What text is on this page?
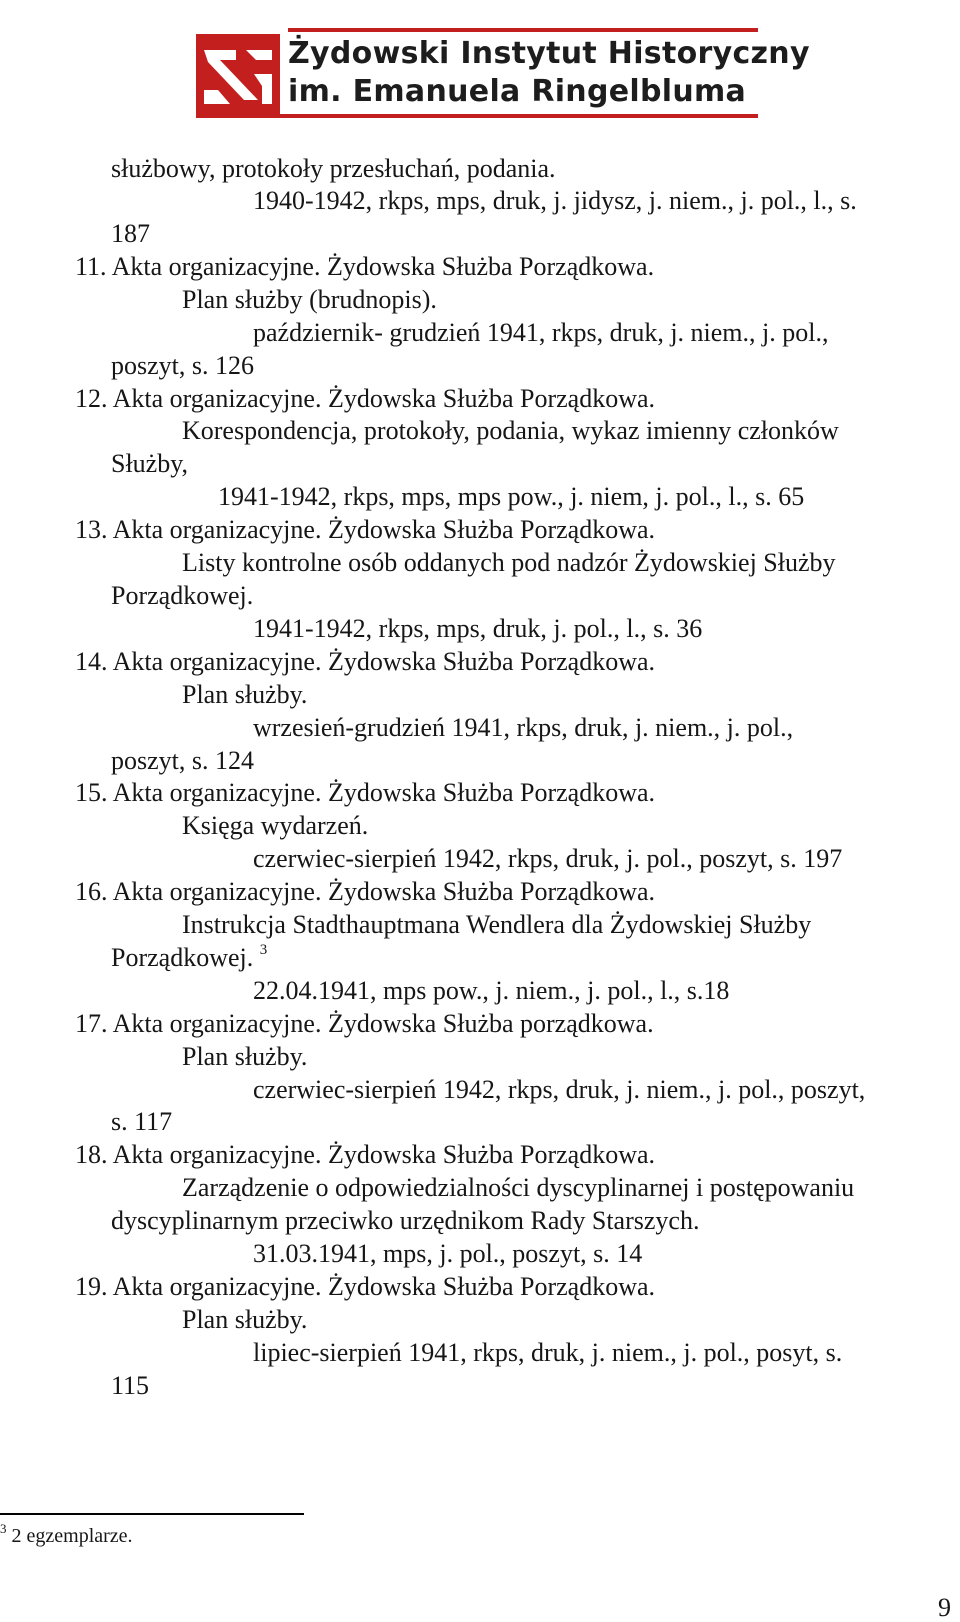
Żydowski Instytut Historyczny
im. Emanuela Ringelbluma
służbowy, protokoły przesłuchań, podania.
1940-1942, rkps, mps, druk, j. jidysz, j. niem., j. pol., l., s.
187
11. Akta organizacyjne. Żydowska Służba Porządkowa.
Plan służby (brudnopis).
październik- grudzień 1941, rkps, druk, j. niem., j. pol.,
poszyt, s. 126
12. Akta organizacyjne. Żydowska Służba Porządkowa.
Korespondencja, protokoły, podania, wykaz imienny członków
Służby,
1941-1942, rkps, mps, mps pow., j. niem, j. pol., l., s. 65
13. Akta organizacyjne. Żydowska Służba Porządkowa.
Listy kontrolne osób oddanych pod nadzór Żydowskiej Służby
Porządkowej.
1941-1942, rkps, mps, druk, j. pol., l., s. 36
14. Akta organizacyjne. Żydowska Służba Porządkowa.
Plan służby.
wrzesień-grudzień 1941, rkps, druk, j. niem., j. pol.,
poszyt, s. 124
15. Akta organizacyjne. Żydowska Służba Porządkowa.
Księga wydarzeń.
czerwiec-sierpień 1942, rkps, druk, j. pol., poszyt, s. 197
16. Akta organizacyjne. Żydowska Służba Porządkowa.
Instrukcja Stadthauptmana Wendlera dla Żydowskiej Służby
Porządkowej. $^3$
22.04.1941, mps pow., j. niem., j. pol., l., s.18
17. Akta organizacyjne. Żydowska Służba porządkowa.
Plan służby.
czerwiec-sierpień 1942, rkps, druk, j. niem., j. pol., poszyt,
s. 117
18. Akta organizacyjne. Żydowska Służba Porządkowa.
Zarządzenie o odpowiedzialności dyscyplinarnej i postępowaniu
dyscyplinarnym przeciwko urzędnikom Rady Starszych.
31.03.1941, mps, j. pol., poszyt, s. 14
19. Akta organizacyjne. Żydowska Służba Porządkowa.
Plan służby.
lipiec-sierpień 1941, rkps, druk, j. niem., j. pol., posyt, s.
115
$^3$ 2 egzemplarze.
9
